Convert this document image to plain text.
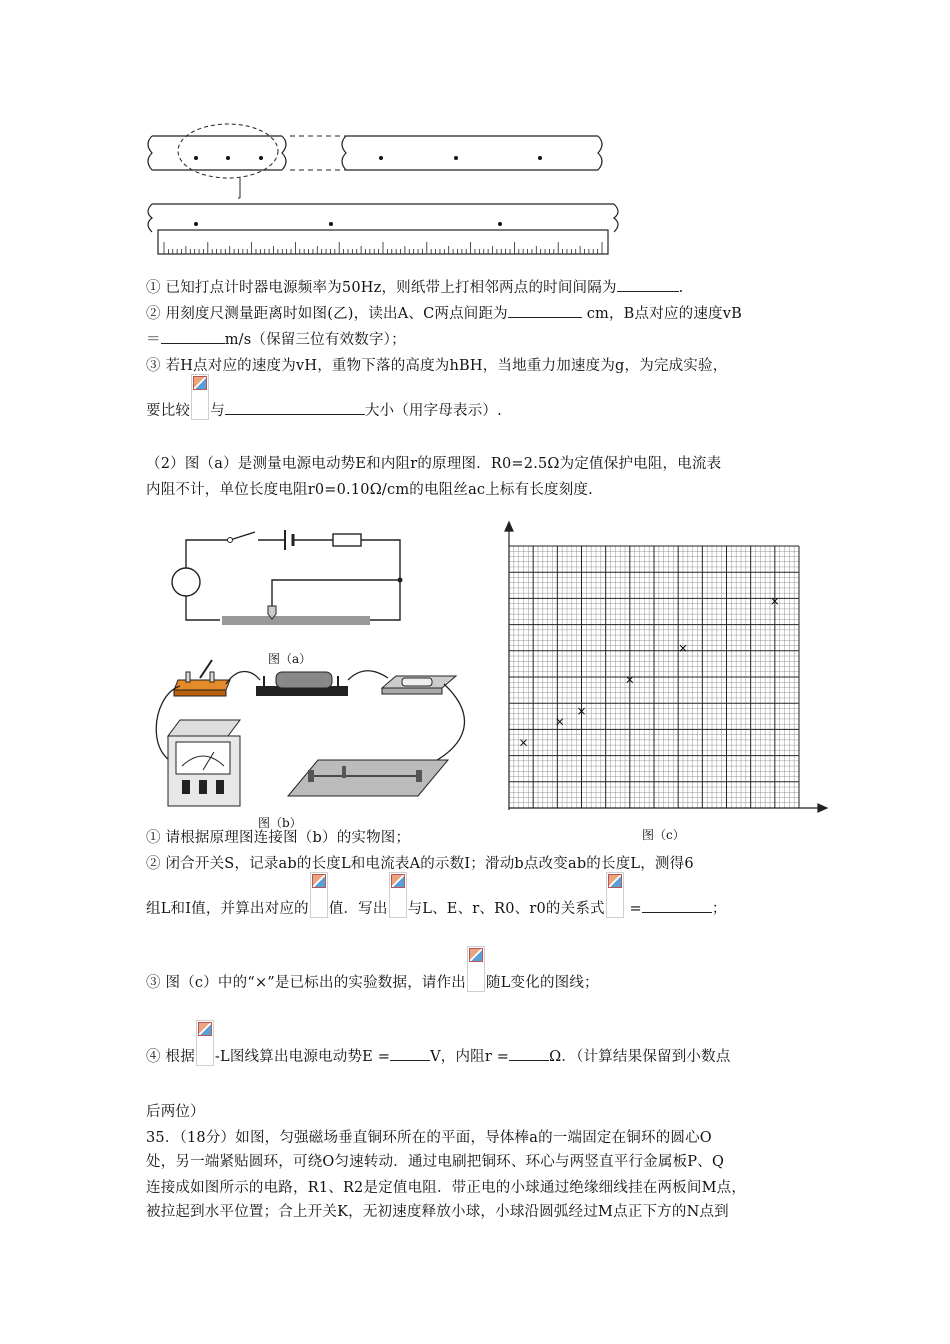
① 已知打点计时器电源频率为50Hz，则纸带上打相邻两点的时间间隔为	.
② 用刻度尺测量距离时如图(乙)，读出A、C两点间距为	cm，B点对应的速度vB
＝	m/s（保留三位有效数字）；
③ 若H点对应的速度为vH，重物下落的高度为hBH，当地重力加速度为g，为完成实验，
要比较 与	大小（用字母表示）.
（2）图（a）是测量电源电动势E和内阻r的原理图．R0=2.5Ω为定值保护电阻，电流表
内阻不计，单位长度电阻r0=0.10Ω/cm的电阻丝ac上标有长度刻度.
图（a）
图（b）
×
×
×
×
×
×
图（c）
① 请根据原理图连接图（b）的实物图；
② 闭合开关S，记录ab的长度L和电流表A的示数I；滑动b点改变ab的长度L，测得6
组L和I值，并算出对应的 值．写出 与L、E、r、R0、r0的关系式
=	；
③ 图（c）中的“×”是已标出的实验数据，请作出 随L变化的图线；
④ 根据 -L图线算出电源电动势E =	V，内阻r =	Ω．（计算结果保留到小数点
后两位）
35．（18分）如图，匀强磁场垂直铜环所在的平面，导体棒a的一端固定在铜环的圆心O
处，另一端紧贴圆环，可绕O匀速转动．通过电刷把铜环、环心与两竖直平行金属板P、Q
连接成如图所示的电路，R1、R2是定值电阻．带正电的小球通过绝缘细线挂在两板间M点，
被拉起到水平位置；合上开关K，无初速度释放小球，小球沿圆弧经过M点正下方的N点到
